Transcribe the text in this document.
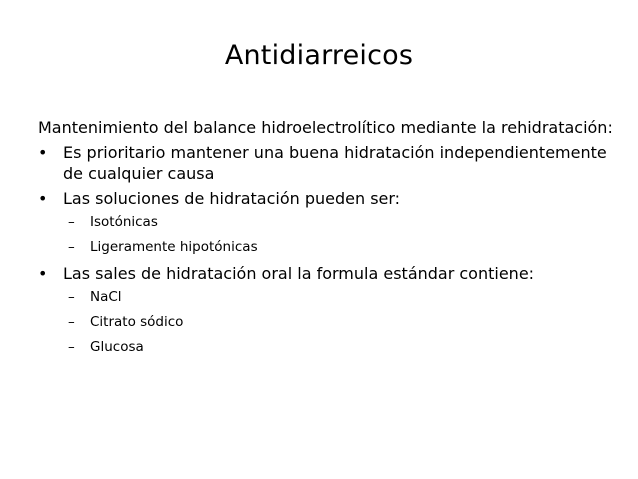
Antidiarreicos
Mantenimiento del balance hidroelectrolítico mediante la rehidratación:
• Es prioritario mantener una buena hidratación independientemente de cualquier causa
• Las soluciones de hidratación pueden ser:
– Isotónicas
– Ligeramente hipotónicas
• Las sales de hidratación oral la formula estándar contiene:
– NaCl
– Citrato sódico
– Glucosa
